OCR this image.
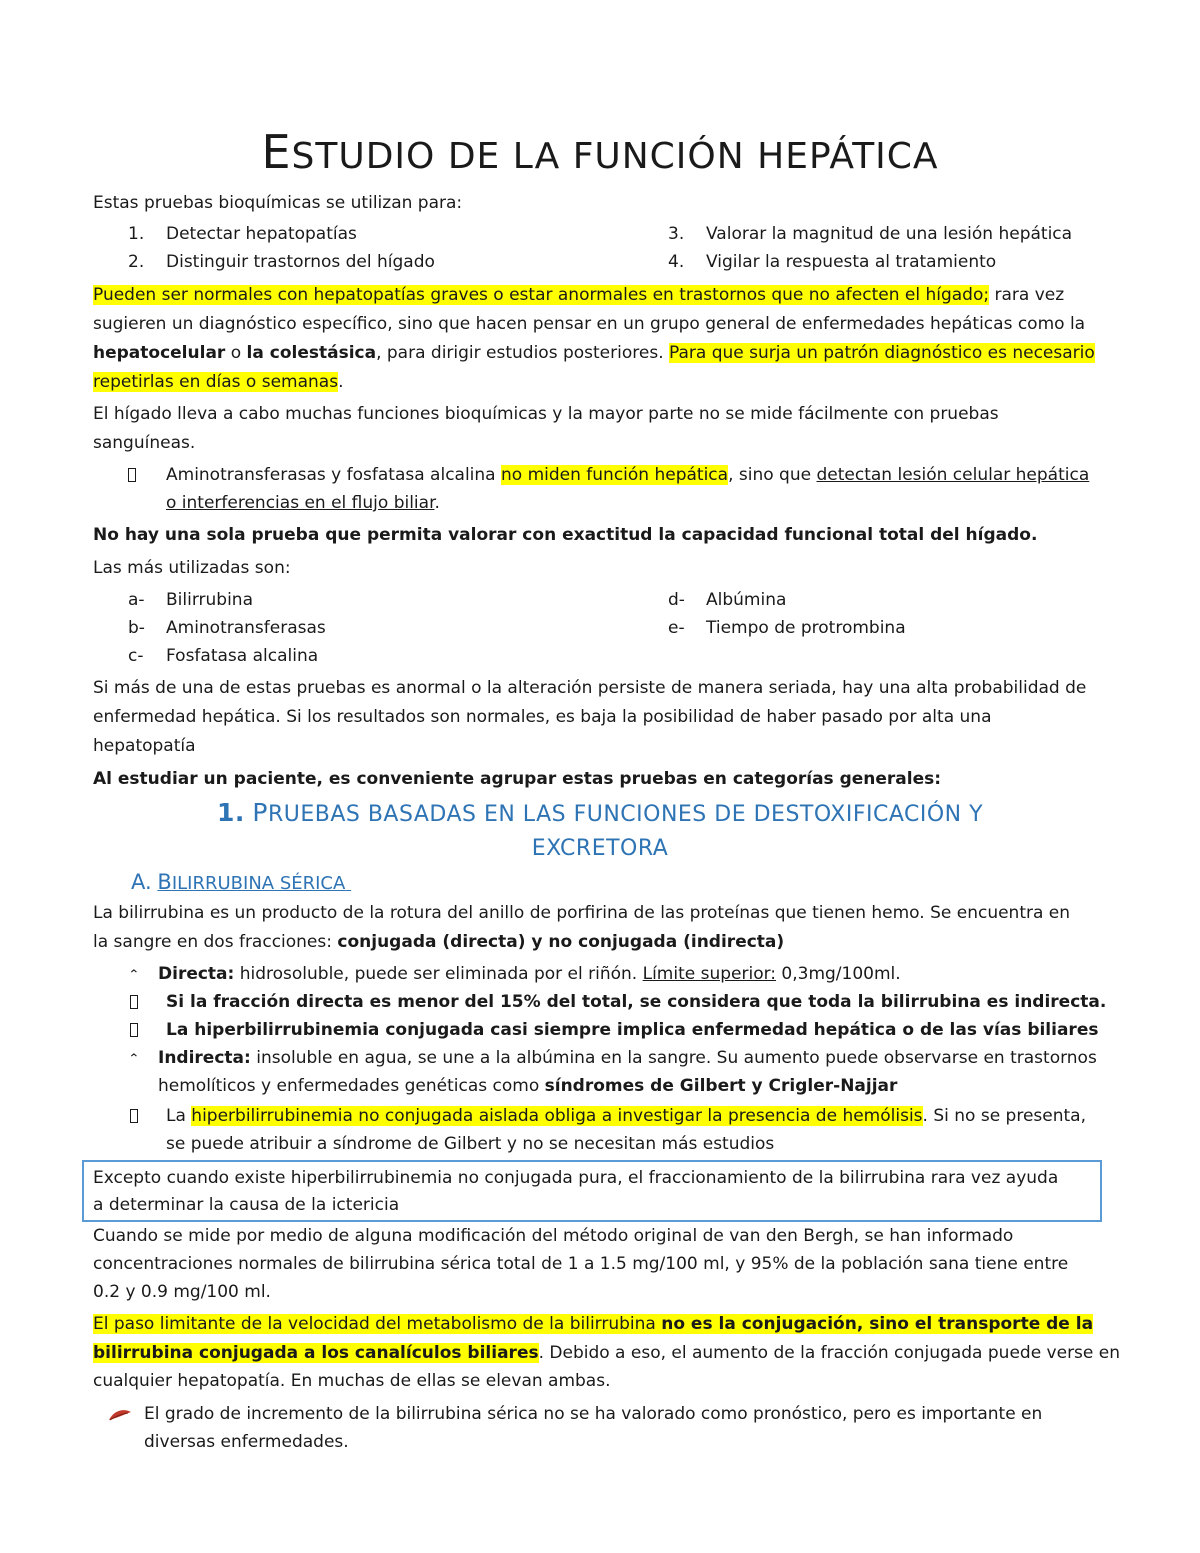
ESTUDIO DE LA FUNCIÓN HEPÁTICA
Estas pruebas bioquímicas se utilizan para:
1. Detectar hepatopatías
2. Distinguir trastornos del hígado
3. Valorar la magnitud de una lesión hepática
4. Vigilar la respuesta al tratamiento
Pueden ser normales con hepatopatías graves o estar anormales en trastornos que no afecten el hígado; rara vez
sugieren un diagnóstico específico, sino que hacen pensar en un grupo general de enfermedades hepáticas como la
hepatocelular o la colestásica, para dirigir estudios posteriores. Para que surja un patrón diagnóstico es necesario
repetirlas en días o semanas.
El hígado lleva a cabo muchas funciones bioquímicas y la mayor parte no se mide fácilmente con pruebas
sanguíneas.
Aminotransferasas y fosfatasa alcalina no miden función hepática, sino que detectan lesión celular hepática
o interferencias en el flujo biliar.
No hay una sola prueba que permita valorar con exactitud la capacidad funcional total del hígado.
Las más utilizadas son:
a- Bilirrubina
b- Aminotransferasas
c- Fosfatasa alcalina
d- Albúmina
e- Tiempo de protrombina
Si más de una de estas pruebas es anormal o la alteración persiste de manera seriada, hay una alta probabilidad de
enfermedad hepática. Si los resultados son normales, es baja la posibilidad de haber pasado por alta una
hepatopatía
Al estudiar un paciente, es conveniente agrupar estas pruebas en categorías generales:
1. PRUEBAS BASADAS EN LAS FUNCIONES DE DESTOXIFICACIÓN Y
EXCRETORA
A. BILIRRUBINA SÉRICA
La bilirrubina es un producto de la rotura del anillo de porfirina de las proteínas que tienen hemo. Se encuentra en
la sangre en dos fracciones: conjugada (directa) y no conjugada (indirecta)
⌃ Directa: hidrosoluble, puede ser eliminada por el riñón. Límite superior: 0,3mg/100ml.
Si la fracción directa es menor del 15% del total, se considera que toda la bilirrubina es indirecta.
La hiperbilirrubinemia conjugada casi siempre implica enfermedad hepática o de las vías biliares
⌃ Indirecta: insoluble en agua, se une a la albúmina en la sangre. Su aumento puede observarse en trastornos
hemolíticos y enfermedades genéticas como síndromes de Gilbert y Crigler-Najjar
La hiperbilirrubinemia no conjugada aislada obliga a investigar la presencia de hemólisis. Si no se presenta,
se puede atribuir a síndrome de Gilbert y no se necesitan más estudios
Excepto cuando existe hiperbilirrubinemia no conjugada pura, el fraccionamiento de la bilirrubina rara vez ayuda
a determinar la causa de la ictericia
Cuando se mide por medio de alguna modificación del método original de van den Bergh, se han informado
concentraciones normales de bilirrubina sérica total de 1 a 1.5 mg/100 ml, y 95% de la población sana tiene entre
0.2 y 0.9 mg/100 ml.
El paso limitante de la velocidad del metabolismo de la bilirrubina no es la conjugación, sino el transporte de la
bilirrubina conjugada a los canalículos biliares. Debido a eso, el aumento de la fracción conjugada puede verse en
cualquier hepatopatía. En muchas de ellas se elevan ambas.
El grado de incremento de la bilirrubina sérica no se ha valorado como pronóstico, pero es importante en
diversas enfermedades.
